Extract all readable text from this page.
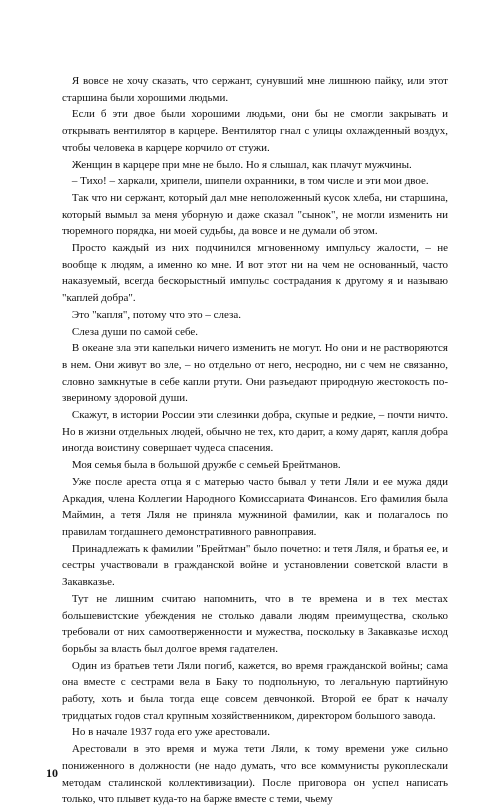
Я вовсе не хочу сказать, что сержант, сунувший мне лишнюю пайку, или этот старшина были хорошими людьми.

Если б эти двое были хорошими людьми, они бы не смогли закрывать и открывать вентилятор в карцере. Вентилятор гнал с улицы охлажденный воздух, чтобы человека в карцере корчило от стужи.

Женщин в карцере при мне не было. Но я слышал, как плачут мужчины.

– Тихо! – харкали, хрипели, шипели охранники, в том числе и эти мои двое.

Так что ни сержант, который дал мне неположенный кусок хлеба, ни старшина, который вымыл за меня уборную и даже сказал "сынок", не могли изменить ни тюремного порядка, ни моей судьбы, да вовсе и не думали об этом.

Просто каждый из них подчинился мгновенному импульсу жалости, – не вообще к людям, а именно ко мне. И вот этот ни на чем не основанный, часто наказуемый, всегда бескорыстный импульс сострадания к другому я и называю "каплей добра".

Это "капля", потому что это – слеза.

Слеза души по самой себе.

В океане зла эти капельки ничего изменить не могут. Но они и не растворяются в нем. Они живут во зле, – но отдельно от него, несродно, ни с чем не связанно, словно замкнутые в себе капли ртути. Они разъедают природную жестокость по-звериному здоровой души.

Скажут, в истории России эти слезинки добра, скупые и редкие, – почти ничто. Но в жизни отдельных людей, обычно не тех, кто дарит, а кому дарят, капля добра иногда воистину совершает чудеса спасения.

Моя семья была в большой дружбе с семьей Брейтманов.

Уже после ареста отца я с матерью часто бывал у тети Ляли и ее мужа дяди Аркадия, члена Коллегии Народного Комиссариата Финансов. Его фамилия была Маймин, а тетя Ляля не приняла мужниной фамилии, как и полагалось по правилам тогдашнего демонстративного равноправия.

Принадлежать к фамилии "Брейтман" было почетно: и тетя Ляля, и братья ее, и сестры участвовали в гражданской войне и установлении советской власти в Закавказье.

Тут не лишним считаю напомнить, что в те времена и в тех местах большевистские убеждения не столько давали людям преимущества, сколько требовали от них самоотверженности и мужества, поскольку в Закавказье исход борьбы за власть был долгое время гадателен.

Один из братьев тети Ляли погиб, кажется, во время гражданской войны; сама она вместе с сестрами вела в Баку то подпольную, то легальную партийную работу, хоть и была тогда еще совсем девчонкой. Второй ее брат к началу тридцатых годов стал крупным хозяйственником, директором большого завода.

Но в начале 1937 года его уже арестовали.

Арестовали в это время и мужа тети Ляли, к тому времени уже сильно пониженного в должности (не надо думать, что все коммунисты рукоплескали методам сталинской коллективизации). После приговора он успел написать только, что плывет куда-то на барже вместе с теми, чьему

10
